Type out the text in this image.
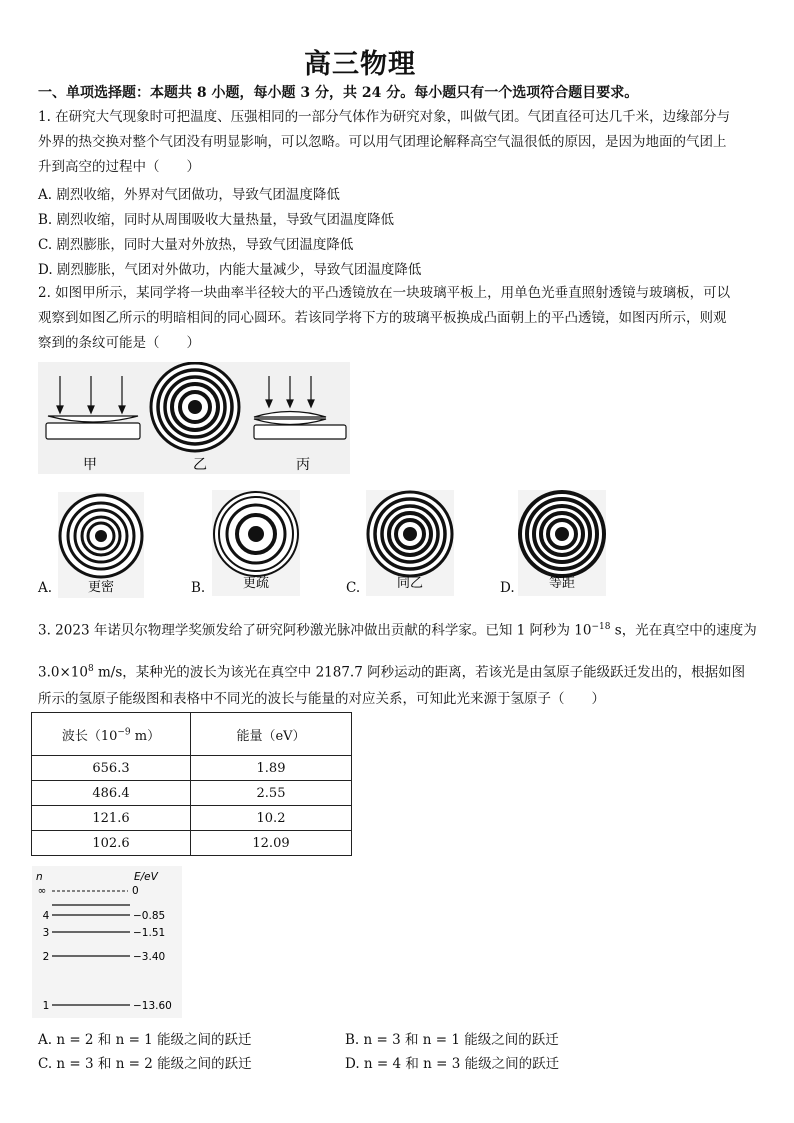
高三物理
一、单项选择题：本题共 8 小题，每小题 3 分，共 24 分。每小题只有一个选项符合题目要求。
1. 在研究大气现象时可把温度、压强相同的一部分气体作为研究对象，叫做气团。气团直径可达几千米，边缘部分与
外界的热交换对整个气团没有明显影响，可以忽略。可以用气团理论解释高空气温很低的原因，是因为地面的气团上
升到高空的过程中（　　）
A. 剧烈收缩，外界对气团做功，导致气团温度降低
B. 剧烈收缩，同时从周围吸收大量热量，导致气团温度降低
C. 剧烈膨胀，同时大量对外放热，导致气团温度降低
D. 剧烈膨胀，气团对外做功，内能大量减少，导致气团温度降低
2. 如图甲所示，某同学将一块曲率半径较大的平凸透镜放在一块玻璃平板上，用单色光垂直照射透镜与玻璃板，可以
观察到如图乙所示的明暗相间的同心圆环。若该同学将下方的玻璃平板换成凸面朝上的平凸透镜，如图丙所示，则观
察到的条纹可能是（　　）
甲	乙	丙
更密
A.	更疏
B.	同乙
C.	等距
D.
3. 2023 年诺贝尔物理学奖颁发给了研究阿秒激光脉冲做出贡献的科学家。已知 1 阿秒为 $10^{-18}$ s，光在真空中的速度为
$3.0\times 10^8$ m/s，某种光的波长为该光在真空中 2187.7 阿秒运动的距离，若该光是由氢原子能级跃迁发出的，根据如图
所示的氢原子能级图和表格中不同光的波长与能量的对应关系，可知此光来源于氢原子（　　）
波长（$10^{-9}$ m）	能量（eV）
656.3	1.89
486.4	2.55
121.6	10.2
102.6	12.09
n	E/eV
∞	0
4	−0.85
3	−1.51
2	−3.40
1	−13.60
A. n = 2 和 n = 1 能级之间的跃迁	B. n = 3 和 n = 1 能级之间的跃迁
C. n = 3 和 n = 2 能级之间的跃迁	D. n = 4 和 n = 3 能级之间的跃迁
